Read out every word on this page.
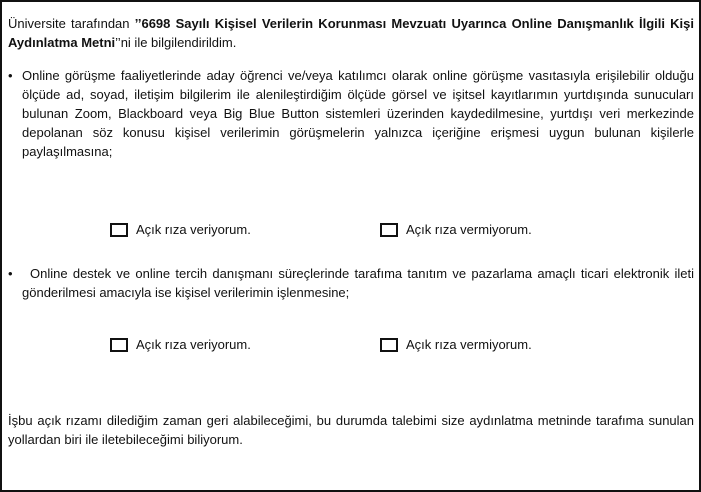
Üniversite tarafından ’’6698 Sayılı Kişisel Verilerin Korunması Mevzuatı Uyarınca Online Danışmanlık İlgili Kişi Aydınlatma Metni’’ni ile bilgilendirildim.

• Online görüşme faaliyetlerinde aday öğrenci ve/veya katılımcı olarak online görüşme vasıtasıyla erişilebilir olduğu ölçüde ad, soyad, iletişim bilgilerim ile alenileştirdiğim ölçüde görsel ve işitsel kayıtlarımın yurtdışında sunucuları bulunan Zoom, Blackboard veya Big Blue Button sistemleri üzerinden kaydedilmesine, yurtdışı veri merkezinde depolanan söz konusu kişisel verilerimin görüşmelerin yalnızca içeriğine erişmesi uygun bulunan kişilerle paylaşılmasına;

Açık rıza veriyorum.	Açık rıza vermiyorum.

• Online destek ve online tercih danışmanı süreçlerinde tarafıma tanıtım ve pazarlama amaçlı ticari elektronik ileti gönderilmesi amacıyla ise kişisel verilerimin işlenmesine;

Açık rıza veriyorum.	Açık rıza vermiyorum.

İşbu açık rızamı dilediğim zaman geri alabileceğimi, bu durumda talebimi size aydınlatma metninde tarafıma sunulan yollardan biri ile iletebileceğimi biliyorum.
